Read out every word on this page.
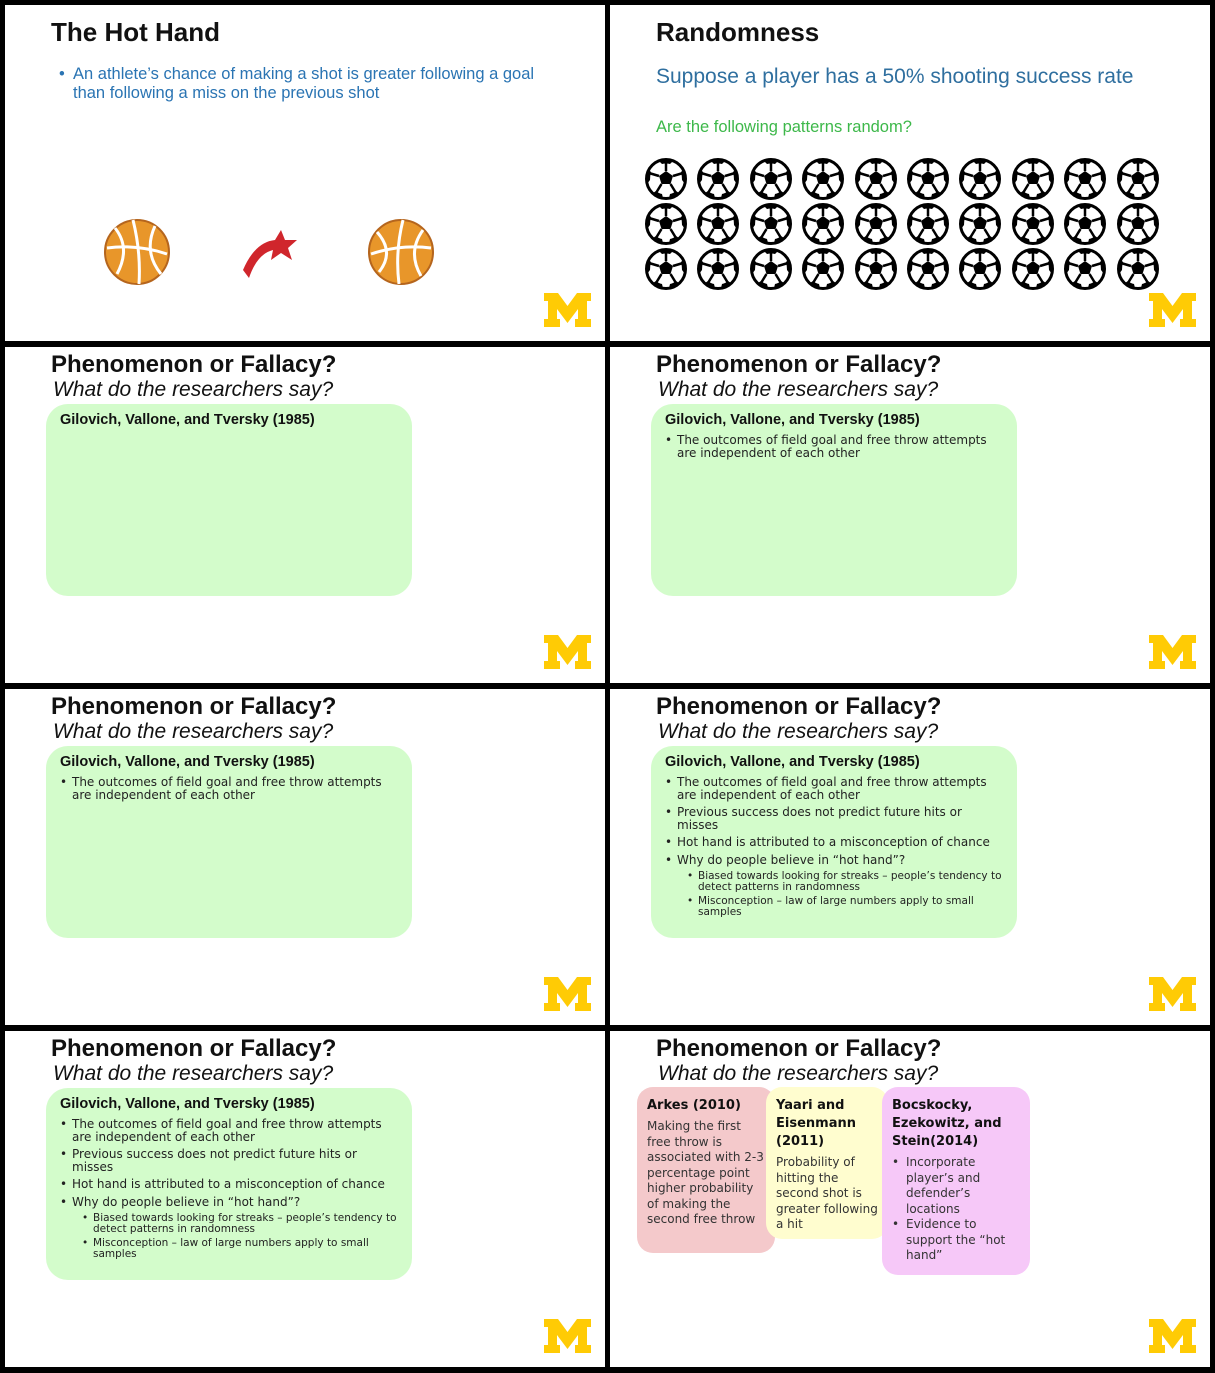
The Hot Hand
• An athlete’s chance of making a shot is greater following a goal than following a miss on the previous shot
Randomness
Suppose a player has a 50% shooting success rate
Are the following patterns random?
Phenomenon or Fallacy?
What do the researchers say?
Gilovich, Vallone, and Tversky (1985)
Phenomenon or Fallacy?
What do the researchers say?
Gilovich, Vallone, and Tversky (1985)
• The outcomes of field goal and free throw attempts are independent of each other
Phenomenon or Fallacy?
What do the researchers say?
Gilovich, Vallone, and Tversky (1985)
• The outcomes of field goal and free throw attempts are independent of each other
Phenomenon or Fallacy?
What do the researchers say?
Gilovich, Vallone, and Tversky (1985)
• The outcomes of field goal and free throw attempts are independent of each other
• Previous success does not predict future hits or misses
• Hot hand is attributed to a misconception of chance
• Why do people believe in “hot hand”?
• Biased towards looking for streaks – people’s tendency to detect patterns in randomness
• Misconception – law of large numbers apply to small samples
Phenomenon or Fallacy?
What do the researchers say?
Gilovich, Vallone, and Tversky (1985)
• The outcomes of field goal and free throw attempts are independent of each other
• Previous success does not predict future hits or misses
• Hot hand is attributed to a misconception of chance
• Why do people believe in “hot hand”?
• Biased towards looking for streaks – people’s tendency to detect patterns in randomness
• Misconception – law of large numbers apply to small samples
Phenomenon or Fallacy?
What do the researchers say?
Arkes (2010)
Making the first free throw is associated with 2-3 percentage point higher probability of making the second free throw
Yaari and Eisenmann (2011)
Probability of hitting the second shot is greater following a hit
Bocskocky, Ezekowitz, and Stein(2014)
• Incorporate player’s and defender’s locations
• Evidence to support the “hot hand”
